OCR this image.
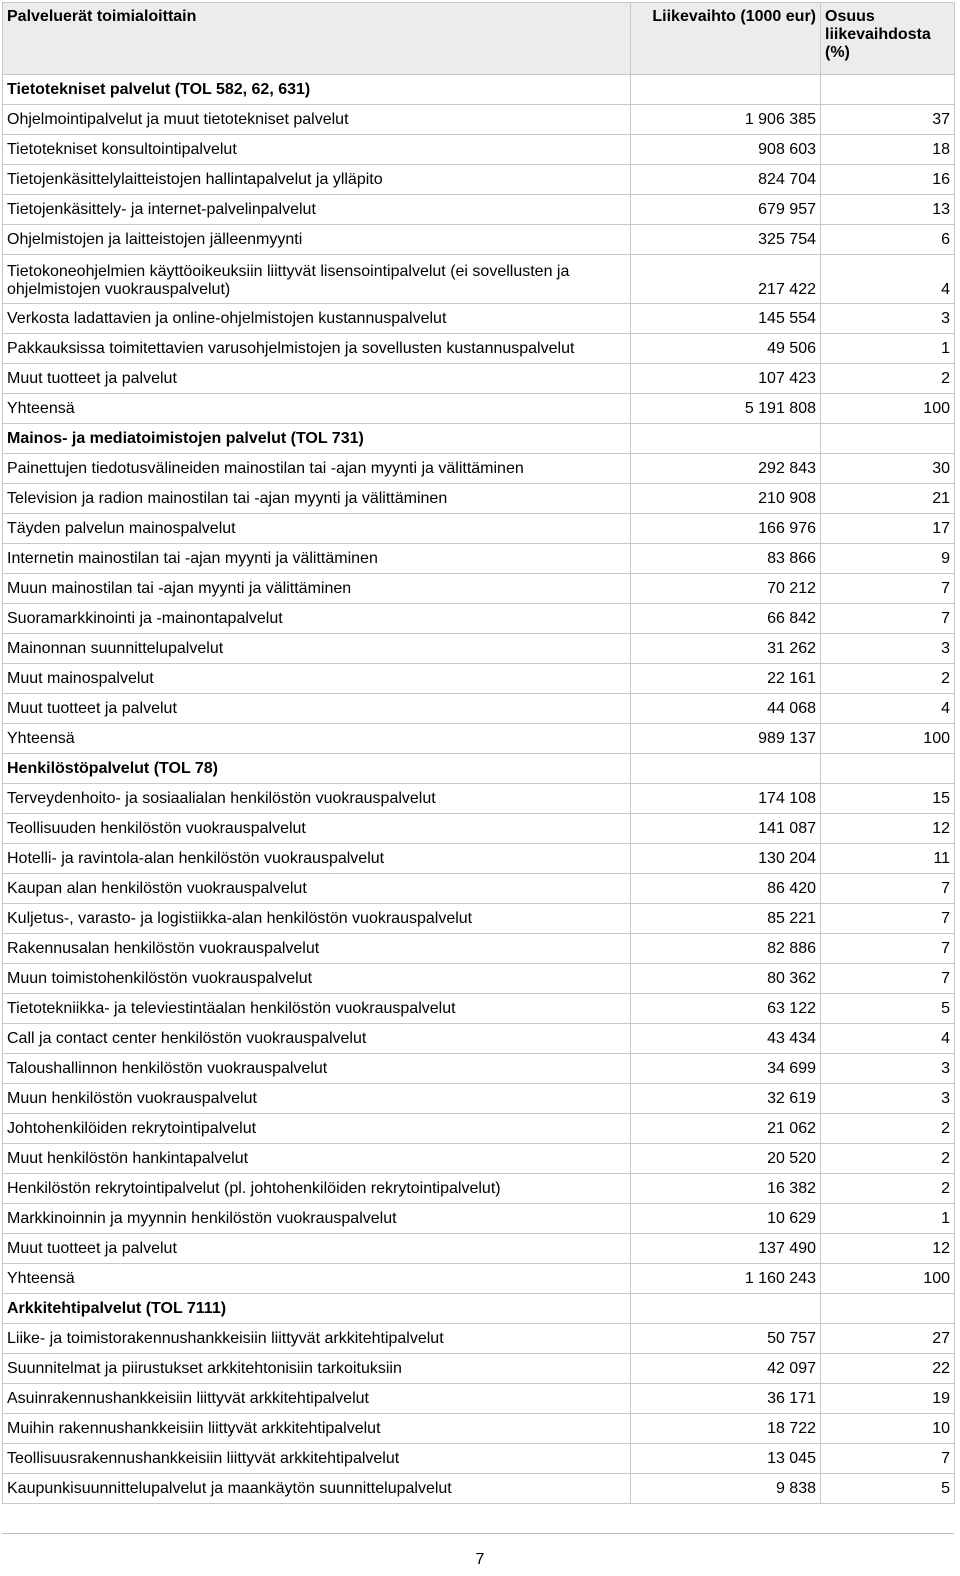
Palveluerät toimialoittain	Liikevaihto (1000 eur)	Osuus liikevaihdosta (%)
Tietotekniset palvelut (TOL 582, 62, 631)		
Ohjelmointipalvelut ja muut tietotekniset palvelut	1 906 385	37
Tietotekniset konsultointipalvelut	908 603	18
Tietojenkäsittelylaitteistojen hallintapalvelut ja ylläpito	824 704	16
Tietojenkäsittely- ja internet-palvelinpalvelut	679 957	13
Ohjelmistojen ja laitteistojen jälleenmyynti	325 754	6
Tietokoneohjelmien käyttöoikeuksiin liittyvät lisensointipalvelut (ei sovellusten ja ohjelmistojen vuokrauspalvelut)	217 422	4
Verkosta ladattavien ja online-ohjelmistojen kustannuspalvelut	145 554	3
Pakkauksissa toimitettavien varusohjelmistojen ja sovellusten kustannuspalvelut	49 506	1
Muut tuotteet ja palvelut	107 423	2
Yhteensä	5 191 808	100
Mainos- ja mediatoimistojen palvelut (TOL 731)		
Painettujen tiedotusvälineiden mainostilan tai -ajan myynti ja välittäminen	292 843	30
Television ja radion mainostilan tai -ajan myynti ja välittäminen	210 908	21
Täyden palvelun mainospalvelut	166 976	17
Internetin mainostilan tai -ajan myynti ja välittäminen	83 866	9
Muun mainostilan tai -ajan myynti ja välittäminen	70 212	7
Suoramarkkinointi ja -mainontapalvelut	66 842	7
Mainonnan suunnittelupalvelut	31 262	3
Muut mainospalvelut	22 161	2
Muut tuotteet ja palvelut	44 068	4
Yhteensä	989 137	100
Henkilöstöpalvelut (TOL 78)		
Terveydenhoito- ja sosiaalialan henkilöstön vuokrauspalvelut	174 108	15
Teollisuuden henkilöstön vuokrauspalvelut	141 087	12
Hotelli- ja ravintola-alan henkilöstön vuokrauspalvelut	130 204	11
Kaupan alan henkilöstön vuokrauspalvelut	86 420	7
Kuljetus-, varasto- ja logistiikka-alan henkilöstön vuokrauspalvelut	85 221	7
Rakennusalan henkilöstön vuokrauspalvelut	82 886	7
Muun toimistohenkilöstön vuokrauspalvelut	80 362	7
Tietotekniikka- ja televiestintäalan henkilöstön vuokrauspalvelut	63 122	5
Call ja contact center henkilöstön vuokrauspalvelut	43 434	4
Taloushallinnon henkilöstön vuokrauspalvelut	34 699	3
Muun henkilöstön vuokrauspalvelut	32 619	3
Johtohenkilöiden rekrytointipalvelut	21 062	2
Muut henkilöstön hankintapalvelut	20 520	2
Henkilöstön rekrytointipalvelut (pl. johtohenkilöiden rekrytointipalvelut)	16 382	2
Markkinoinnin ja myynnin henkilöstön vuokrauspalvelut	10 629	1
Muut tuotteet ja palvelut	137 490	12
Yhteensä	1 160 243	100
Arkkitehtipalvelut (TOL 7111)		
Liike- ja toimistorakennushankkeisiin liittyvät arkkitehtipalvelut	50 757	27
Suunnitelmat ja piirustukset arkkitehtonisiin tarkoituksiin	42 097	22
Asuinrakennushankkeisiin liittyvät arkkitehtipalvelut	36 171	19
Muihin rakennushankkeisiin liittyvät arkkitehtipalvelut	18 722	10
Teollisuusrakennushankkeisiin liittyvät arkkitehtipalvelut	13 045	7
Kaupunkisuunnittelupalvelut ja maankäytön suunnittelupalvelut	9 838	5
7
